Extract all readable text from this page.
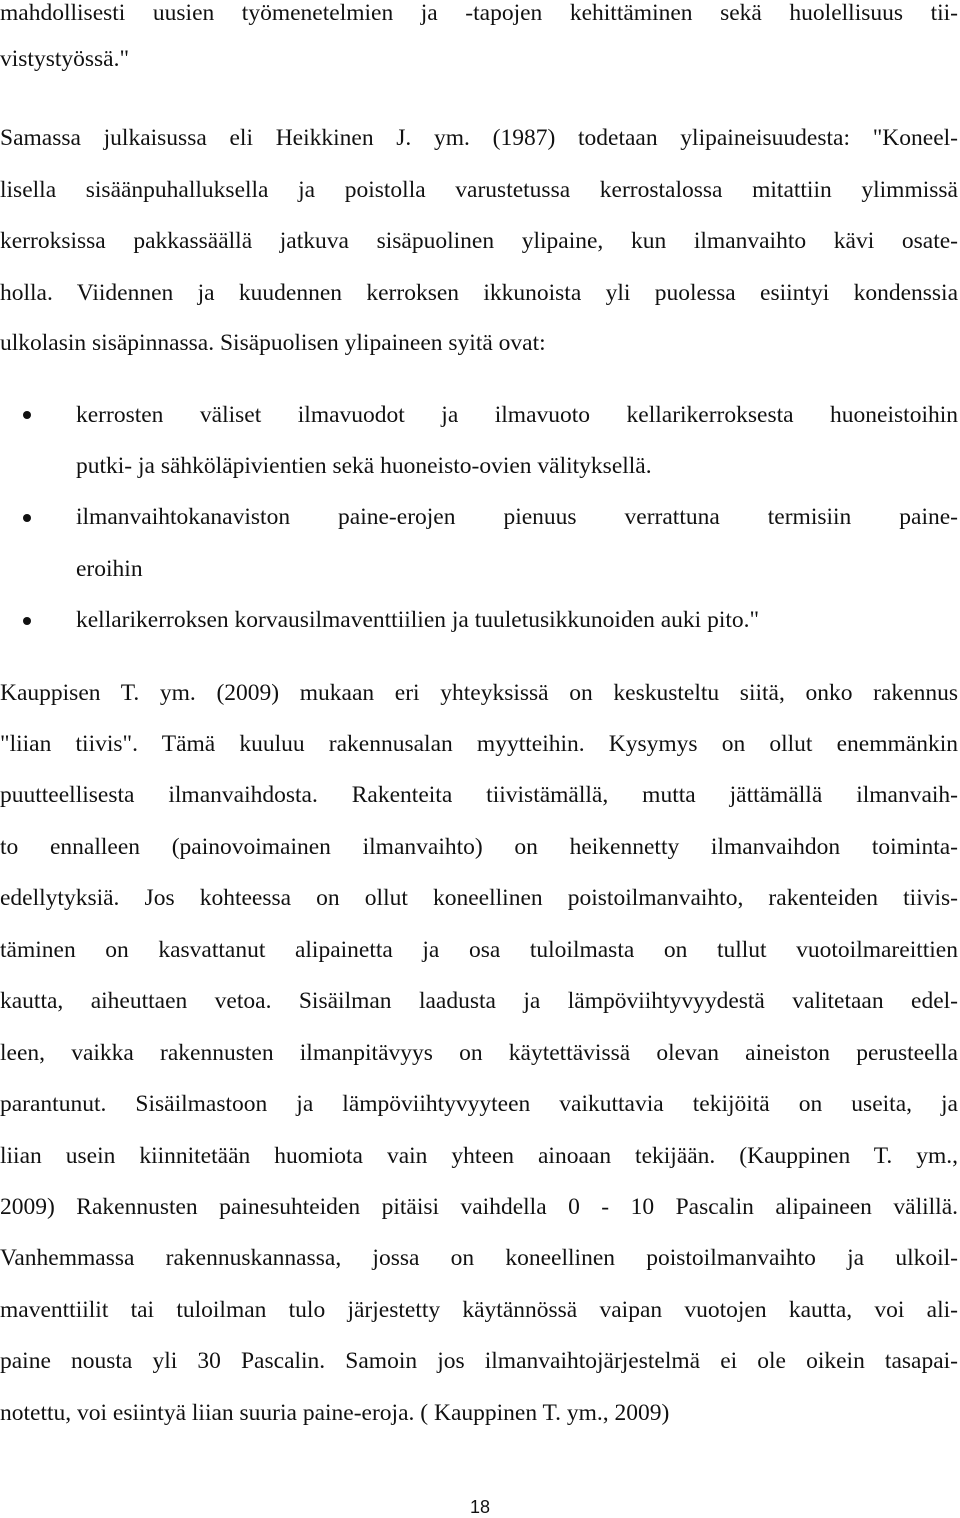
mahdollisesti uusien työmenetelmien ja -tapojen kehittäminen sekä huolellisuus tii-
vistystyössä."
Samassa julkaisussa eli Heikkinen J. ym. (1987) todetaan ylipaineisuudesta: "Koneel-
lisella sisäänpuhalluksella ja poistolla varustetussa kerrostalossa mitattiin ylimmissä
kerroksissa pakkassäällä jatkuva sisäpuolinen ylipaine, kun ilmanvaihto kävi osate-
holla. Viidennen ja kuudennen kerroksen ikkunoista yli puolessa esiintyi kondenssia
ulkolasin sisäpinnassa. Sisäpuolisen ylipaineen syitä ovat:
kerrosten väliset ilmavuodot ja ilmavuoto kellarikerroksesta huoneistoihin
putki- ja sähköläpivientien sekä huoneisto-ovien välityksellä.
ilmanvaihtokanaviston paine-erojen pienuus verrattuna termisiin paine-
eroihin
kellarikerroksen korvausilmaventtiilien ja tuuletusikkunoiden auki pito."
Kauppisen T. ym. (2009) mukaan eri yhteyksissä on keskusteltu siitä, onko rakennus
"liian tiivis". Tämä kuuluu rakennusalan myytteihin. Kysymys on ollut enemmänkin
puutteellisesta ilmanvaihdosta. Rakenteita tiivistämällä, mutta jättämällä ilmanvaih-
to ennalleen (painovoimainen ilmanvaihto) on heikennetty ilmanvaihdon toiminta-
edellytyksiä. Jos kohteessa on ollut koneellinen poistoilmanvaihto, rakenteiden tiivis-
täminen on kasvattanut alipainetta ja osa tuloilmasta on tullut vuotoilmareittien
kautta, aiheuttaen vetoa. Sisäilman laadusta ja lämpöviihtyvyydestä valitetaan edel-
leen, vaikka rakennusten ilmanpitävyys on käytettävissä olevan aineiston perusteella
parantunut. Sisäilmastoon ja lämpöviihtyvyyteen vaikuttavia tekijöitä on useita, ja
liian usein kiinnitetään huomiota vain yhteen ainoaan tekijään. (Kauppinen T. ym.,
2009) Rakennusten painesuhteiden pitäisi vaihdella 0 - 10 Pascalin alipaineen välillä.
Vanhemmassa rakennuskannassa, jossa on koneellinen poistoilmanvaihto ja ulkoil-
maventtiilit tai tuloilman tulo järjestetty käytännössä vaipan vuotojen kautta, voi ali-
paine nousta yli 30 Pascalin. Samoin jos ilmanvaihtojärjestelmä ei ole oikein tasapai-
notettu, voi esiintyä liian suuria paine-eroja. ( Kauppinen T. ym., 2009)
18
